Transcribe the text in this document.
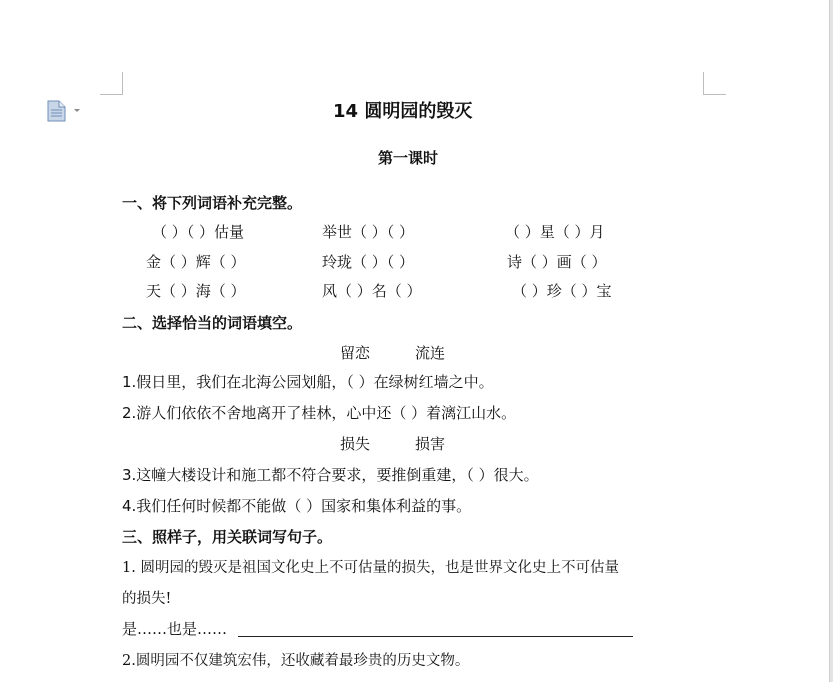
14 圆明园的毁灭
第一课时
一、将下列词语补充完整。
（ ）（ ）估量	举世（ ）（ ）	（ ）星（ ）月
金（ ）辉（ ）	玲珑（ ）（ ）	诗（ ）画（ ）
天（ ）海（ ）	风（ ）名（ ）	（ ）珍（ ）宝
二、选择恰当的词语填空。
留恋	流连
1.假日里，我们在北海公园划船，（ ）在绿树红墙之中。
2.游人们依依不舍地离开了桂林，心中还（ ）着漓江山水。
损失	损害
3.这幢大楼设计和施工都不符合要求，要推倒重建，（ ）很大。
4.我们任何时候都不能做（ ）国家和集体利益的事。
三、照样子，用关联词写句子。
1. 圆明园的毁灭是祖国文化史上不可估量的损失，也是世界文化史上不可估量
的损失!
是……也是……
2.圆明园不仅建筑宏伟，还收藏着最珍贵的历史文物。
